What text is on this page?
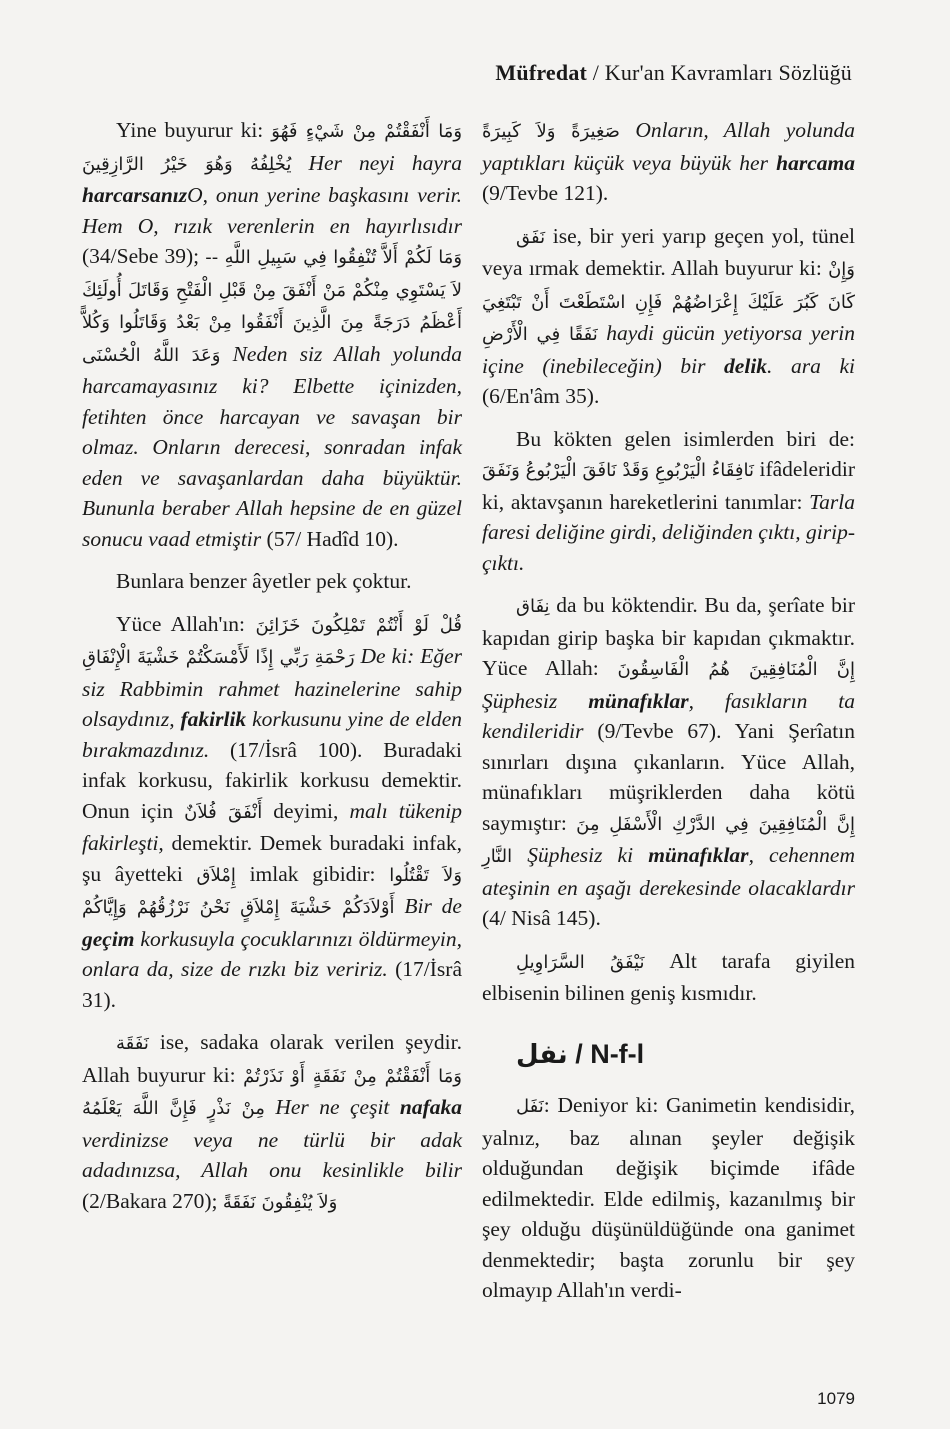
Müfredat / Kur'an Kavramları Sözlüğü

Yine buyurur ki: وَمَا أَنْفَقْتُمْ مِنْ شَيْءٍ فَهُوَ يُخْلِفُهُ وَهُوَ خَيْرُ الرَّازِقِينَ Her neyi hayra harcarsanızO, onun yerine başkasını verir. Hem O, rızık verenlerin en hayırlısıdır (34/Sebe 39); وَمَا لَكُمْ أَلاَّ تُنْفِقُوا فِي سَبِيلِ اللَّهِ -- لاَ يَسْتَوِي مِنْكُمْ مَنْ أَنْفَقَ مِنْ قَبْلِ الْفَتْحِ وَقَاتَلَ أُولَئِكَ أَعْظَمُ دَرَجَةً مِنَ الَّذِينَ أَنْفَقُوا مِنْ بَعْدُ وَقَاتَلُوا وَكُلاًّ وَعَدَ اللَّهُ الْحُسْنَى Neden siz Allah yolunda harcamayasınız ki? Elbette içinizden, fetihten önce harcayan ve savaşan bir olmaz. Onların derecesi, sonradan infak eden ve savaşanlardan daha büyüktür. Bununla beraber Allah hepsine de en güzel sonucu vaad etmiştir (57/ Hadîd 10).

Bunlara benzer âyetler pek çoktur.

Yüce Allah'ın: قُلْ لَوْ أَنْتُمْ تَمْلِكُونَ خَزَائِنَ رَحْمَةِ رَبِّي إِذًا لَأَمْسَكْتُمْ خَشْيَةَ الْإِنْفَاقِ De ki: Eğer siz Rabbimin rahmet hazinelerine sahip olsaydınız, fakirlik korkusunu yine de elden bırakmazdınız. (17/İsrâ 100). Buradaki infak korkusu, fakirlik korkusu demektir. Onun için أَنْفَقَ فُلاَنٌ deyimi, malı tükenip fakirleşti, demektir. Demek buradaki infak, şu âyetteki إِمْلاَق imlak gibidir: وَلاَ تَقْتُلُوا أَوْلاَدَكُمْ خَشْيَةَ إِمْلاَقٍ نَحْنُ نَرْزُقُهُمْ وَإِيَّاكُمْ Bir de geçim korkusuyla çocuklarınızı öldürmeyin, onlara da, size de rızkı biz veririz. (17/İsrâ 31).

نَفَقَة ise, sadaka olarak verilen şeydir. Allah buyurur ki: وَمَا أَنْفَقْتُمْ مِنْ نَفَقَةٍ أَوْ نَذَرْتُمْ مِنْ نَذْرٍ فَإِنَّ اللَّهَ يَعْلَمُهُ Her ne çeşit nafaka verdinizse veya ne türlü bir adak adadınızsa, Allah onu kesinlikle bilir (2/Bakara 270); وَلاَ يُنْفِقُونَ نَفَقَةً

صَغِيرَةً وَلاَ كَبِيرَةً Onların, Allah yolunda yaptıkları küçük veya büyük her harcama (9/Tevbe 121).

نَفَق ise, bir yeri yarıp geçen yol, tünel veya ırmak demektir. Allah buyurur ki: وَإِنْ كَانَ كَبُرَ عَلَيْكَ إِعْرَاضُهُمْ فَإِنِ اسْتَطَعْتَ أَنْ تَبْتَغِيَ نَفَقًا فِي الْأَرْضِ haydi gücün yetiyorsa yerin içine (inebileceğin) bir delik. ara ki (6/En'âm 35).

Bu kökten gelen isimlerden biri de: نَافِقَاءُ الْيَرْبُوعِ وَقَدْ نَافَقَ الْيَرْبُوعُ وَنَفَقَ ifâdeleridir ki, aktavşanın hareketlerini tanımlar: Tarla faresi deliğine girdi, deliğinden çıktı, girip-çıktı.

نِفَاق da bu köktendir. Bu da, şerîate bir kapıdan girip başka bir kapıdan çıkmaktır. Yüce Allah: إِنَّ الْمُنَافِقِينَ هُمُ الْفَاسِقُونَ Şüphesiz münafıklar, fasıkların ta kendileridir (9/Tevbe 67). Yani Şerîatın sınırları dışına çıkanların. Yüce Allah, münafıkları müşriklerden daha kötü saymıştır: إِنَّ الْمُنَافِقِينَ فِي الدَّرْكِ الْأَسْفَلِ مِنَ النَّارِ Şüphesiz ki münafıklar, cehennem ateşinin en aşağı derekesinde olacaklardır (4/ Nisâ 145).

نَيْفَقُ السَّرَاوِيلِ Alt tarafa giyilen elbisenin bilinen geniş kısmıdır.

نفل / N-f-l

نَفَل: Deniyor ki: Ganimetin kendisidir, yalnız, baz alınan şeyler değişik olduğundan değişik biçimde ifâde edilmektedir. Elde edilmiş, kazanılmış bir şey olduğu düşünüldüğünde ona ganimet denmektedir; başta zorunlu bir şey olmayıp Allah'ın verdi-

1079
